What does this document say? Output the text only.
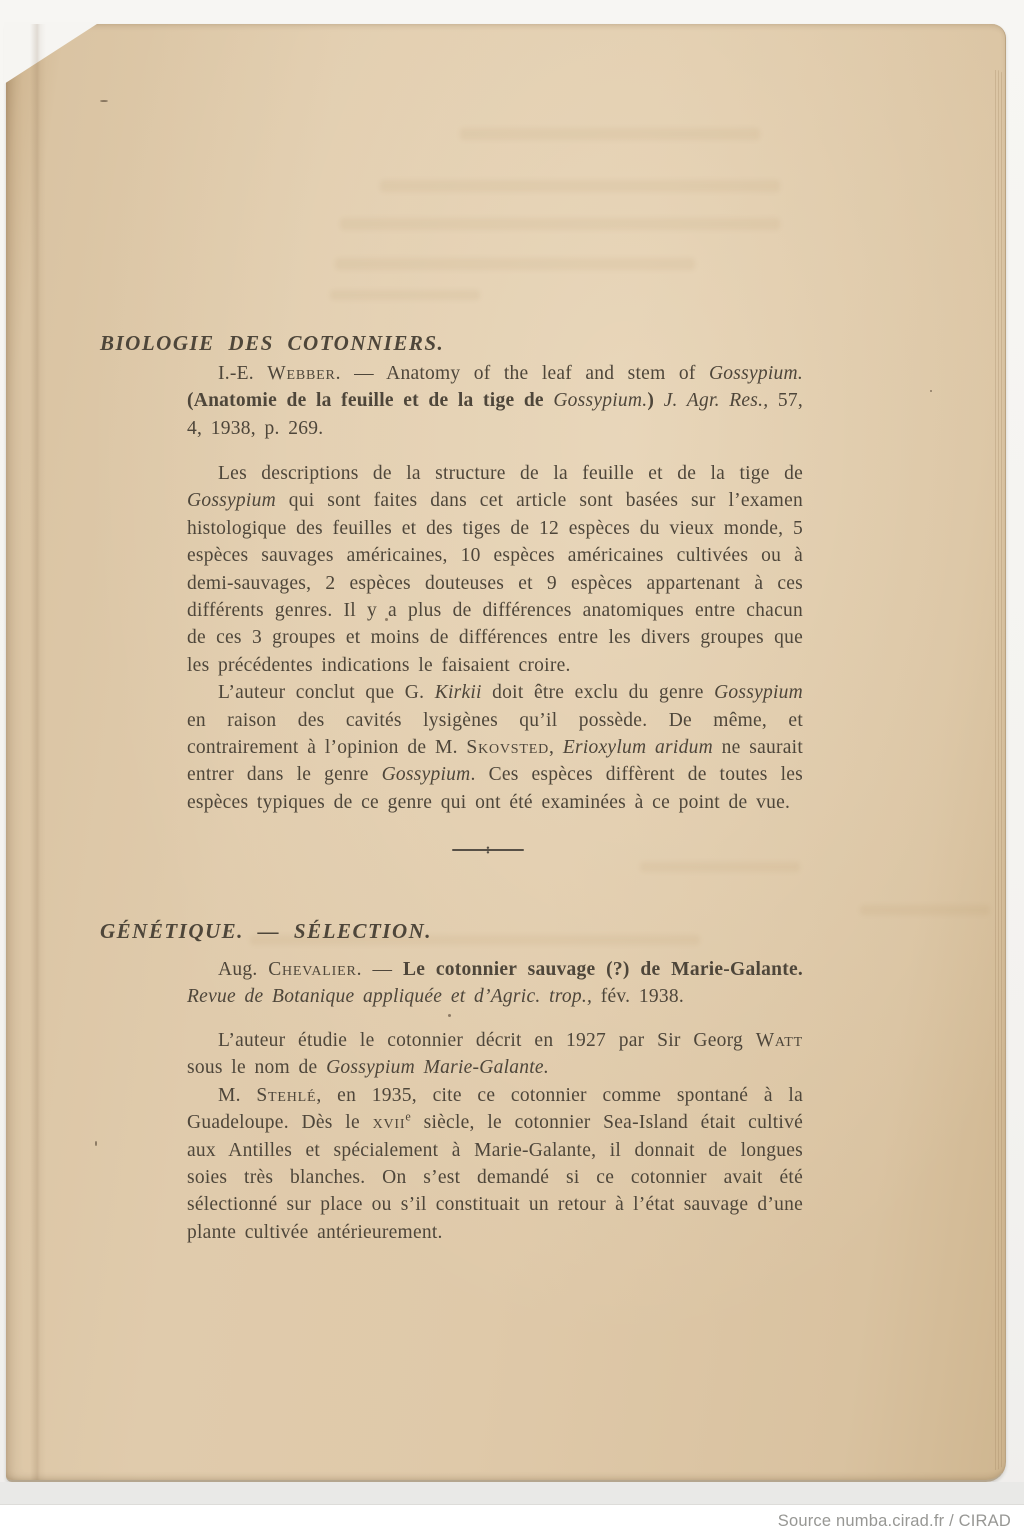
BIOLOGIE DES COTONNIERS.

I.-E. Webber. — Anatomy of the leaf and stem of Gossypium. (Anatomie de la feuille et de la tige de Gossypium.) J. Agr. Res., 57, 4, 1938, p. 269.

Les descriptions de la structure de la feuille et de la tige de Gossypium qui sont faites dans cet article sont basées sur l’examen histologique des feuilles et des tiges de 12 espèces du vieux monde, 5 espèces sauvages américaines, 10 espèces américaines cultivées ou à demi-sauvages, 2 espèces douteuses et 9 espèces appartenant à ces différents genres. Il y a plus de différences anatomiques entre chacun de ces 3 groupes et moins de différences entre les divers groupes que les précédentes indications le faisaient croire.

L’auteur conclut que G. Kirkii doit être exclu du genre Gossypium en raison des cavités lysigènes qu’il possède. De même, et contrairement à l’opinion de M. Skovsted, Erioxylum aridum ne saurait entrer dans le genre Gossypium. Ces espèces diffèrent de toutes les espèces typiques de ce genre qui ont été examinées à ce point de vue.

:
GÉNÉTIQUE. — SÉLECTION.

Aug. Chevalier. — Le cotonnier sauvage (?) de Marie-Galante. Revue de Botanique appliquée et d’Agric. trop., fév. 1938.

L’auteur étudie le cotonnier décrit en 1927 par Sir Georg Watt sous le nom de Gossypium Marie-Galante.

M. Stehlé, en 1935, cite ce cotonnier comme spontané à la Guadeloupe. Dès le xvii$^e$ siècle, le cotonnier Sea-Island était cultivé aux Antilles et spécialement à Marie-Galante, il donnait de longues soies très blanches. On s’est demandé si ce cotonnier avait été sélectionné sur place ou s’il constituait un retour à l’état sauvage d’une plante cultivée antérieurement.

Source numba.cirad.fr / CIRAD
